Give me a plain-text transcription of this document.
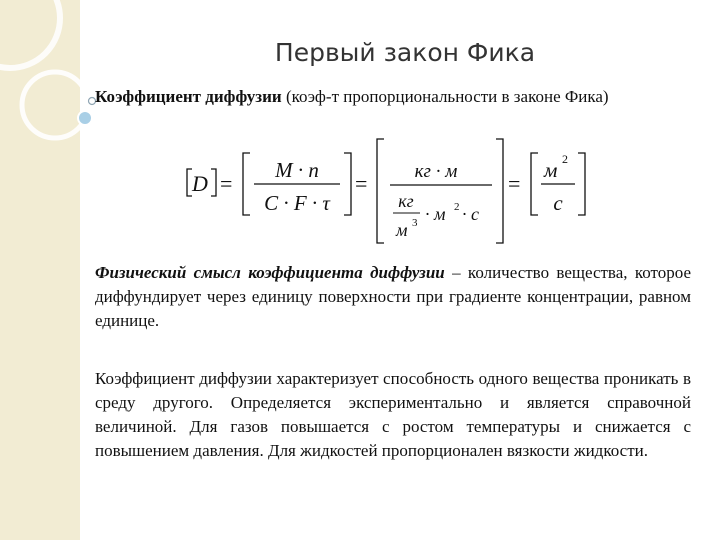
Первый закон Фика

Коэффициент диффузии (коэф-т пропорциональности в законе Фика)

D =
M · n
C · F · τ
= кг · м
кг
м 3 · м 2 · с
=
м 2
с

Физический смысл коэффициента диффузии – количество вещества, которое диффундирует через единицу поверхности при градиенте концентрации, равном единице.

Коэффициент диффузии характеризует способность одного вещества проникать в среду другого. Определяется экспериментально и является справочной величиной. Для газов повышается с ростом температуры и снижается с повышением давления. Для жидкостей пропорционален вязкости жидкости.
